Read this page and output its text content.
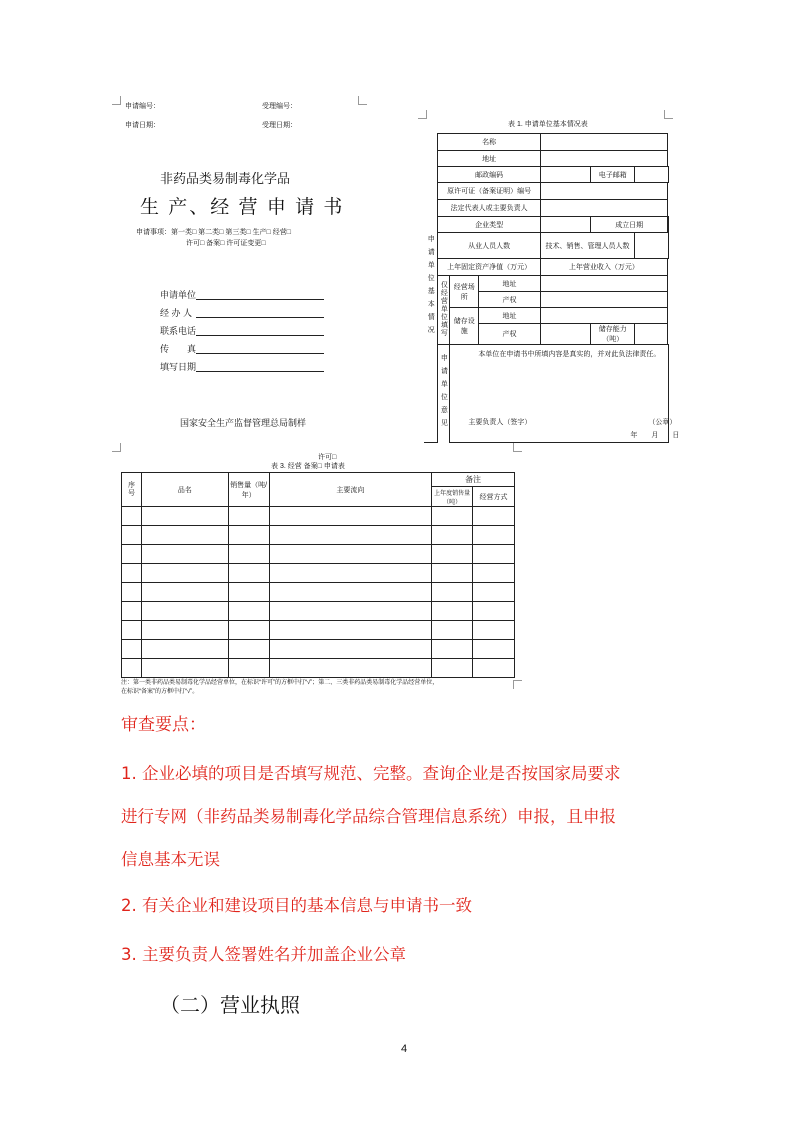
申请编号：	受理编号：
申请日期：	受理日期：
非药品类易制毒化学品
生 产、经 营 申 请 书
申请事项：第一类□ 第二类□ 第三类□ 生产□ 经营□
许可□ 备案□ 许可证变更□
申请单位
经 办 人
联系电话
传　　真
填写日期
国家安全生产监督管理总局制样
表 1. 申请单位基本情况表
申请单位基本情况	名称						
	地址						
	邮政编码				电子邮箱		
	原许可证（备案证明）编号						
	法定代表人或主要负责人						
	企业类型				成立日期		
	从业人员人数			技术、销售、管理人员人数			
	上年固定资产净值（万元）			上年营业收入（万元）			
	仅经营单位填写	经营场所	地址				
			产权				
		储存设施	地址				
			产权		储存能力（吨）		
	申请单位意见	本单位在申请书中所填内容是真实的，并对此负法律责任。
主要负责人（签字） （公章）
年　　月　　日					
许可□
表 3. 经营 备案□ 申请表
序号	品名	销售量（吨/年）	主要流向	备注	
				上年度销售量（吨）	经营方式

注：第一类非药品类易制毒化学品经营单位，在标识“许可”的方框中打“√”；第二、三类非药品类易制毒化学品经营单位，
在标识“备案”的方框中打“√”。
审查要点：
1. 企业必填的项目是否填写规范、完整。查询企业是否按国家局要求
进行专网（非药品类易制毒化学品综合管理信息系统）申报，且申报
信息基本无误
2. 有关企业和建设项目的基本信息与申请书一致
3. 主要负责人签署姓名并加盖企业公章
（二）营业执照
4
